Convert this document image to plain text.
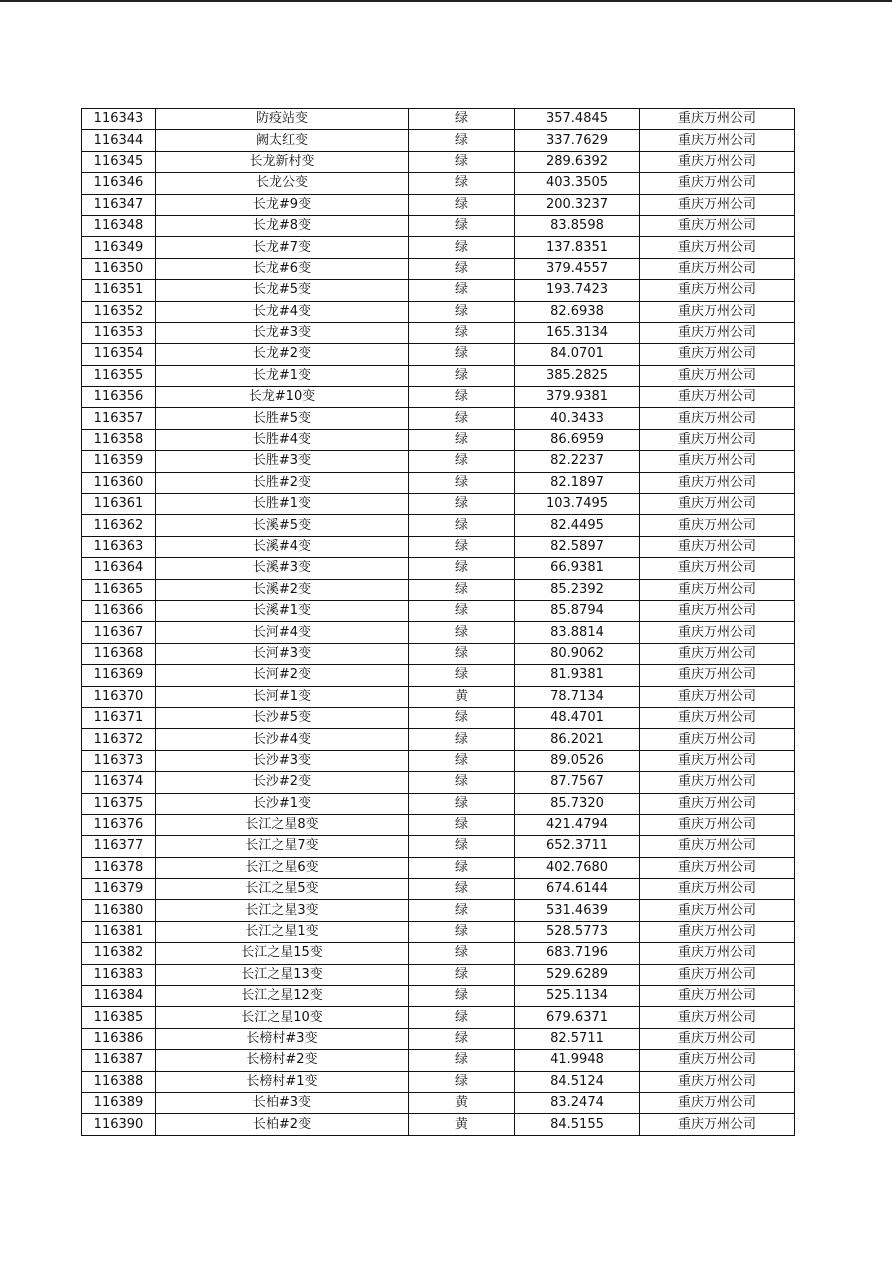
116343	防疫站变	绿	357.4845	重庆万州公司
116344	阙太红变	绿	337.7629	重庆万州公司
116345	长龙新村变	绿	289.6392	重庆万州公司
116346	长龙公变	绿	403.3505	重庆万州公司
116347	长龙#9变	绿	200.3237	重庆万州公司
116348	长龙#8变	绿	83.8598	重庆万州公司
116349	长龙#7变	绿	137.8351	重庆万州公司
116350	长龙#6变	绿	379.4557	重庆万州公司
116351	长龙#5变	绿	193.7423	重庆万州公司
116352	长龙#4变	绿	82.6938	重庆万州公司
116353	长龙#3变	绿	165.3134	重庆万州公司
116354	长龙#2变	绿	84.0701	重庆万州公司
116355	长龙#1变	绿	385.2825	重庆万州公司
116356	长龙#10变	绿	379.9381	重庆万州公司
116357	长胜#5变	绿	40.3433	重庆万州公司
116358	长胜#4变	绿	86.6959	重庆万州公司
116359	长胜#3变	绿	82.2237	重庆万州公司
116360	长胜#2变	绿	82.1897	重庆万州公司
116361	长胜#1变	绿	103.7495	重庆万州公司
116362	长溪#5变	绿	82.4495	重庆万州公司
116363	长溪#4变	绿	82.5897	重庆万州公司
116364	长溪#3变	绿	66.9381	重庆万州公司
116365	长溪#2变	绿	85.2392	重庆万州公司
116366	长溪#1变	绿	85.8794	重庆万州公司
116367	长河#4变	绿	83.8814	重庆万州公司
116368	长河#3变	绿	80.9062	重庆万州公司
116369	长河#2变	绿	81.9381	重庆万州公司
116370	长河#1变	黄	78.7134	重庆万州公司
116371	长沙#5变	绿	48.4701	重庆万州公司
116372	长沙#4变	绿	86.2021	重庆万州公司
116373	长沙#3变	绿	89.0526	重庆万州公司
116374	长沙#2变	绿	87.7567	重庆万州公司
116375	长沙#1变	绿	85.7320	重庆万州公司
116376	长江之星8变	绿	421.4794	重庆万州公司
116377	长江之星7变	绿	652.3711	重庆万州公司
116378	长江之星6变	绿	402.7680	重庆万州公司
116379	长江之星5变	绿	674.6144	重庆万州公司
116380	长江之星3变	绿	531.4639	重庆万州公司
116381	长江之星1变	绿	528.5773	重庆万州公司
116382	长江之星15变	绿	683.7196	重庆万州公司
116383	长江之星13变	绿	529.6289	重庆万州公司
116384	长江之星12变	绿	525.1134	重庆万州公司
116385	长江之星10变	绿	679.6371	重庆万州公司
116386	长榜村#3变	绿	82.5711	重庆万州公司
116387	长榜村#2变	绿	41.9948	重庆万州公司
116388	长榜村#1变	绿	84.5124	重庆万州公司
116389	长柏#3变	黄	83.2474	重庆万州公司
116390	长柏#2变	黄	84.5155	重庆万州公司
